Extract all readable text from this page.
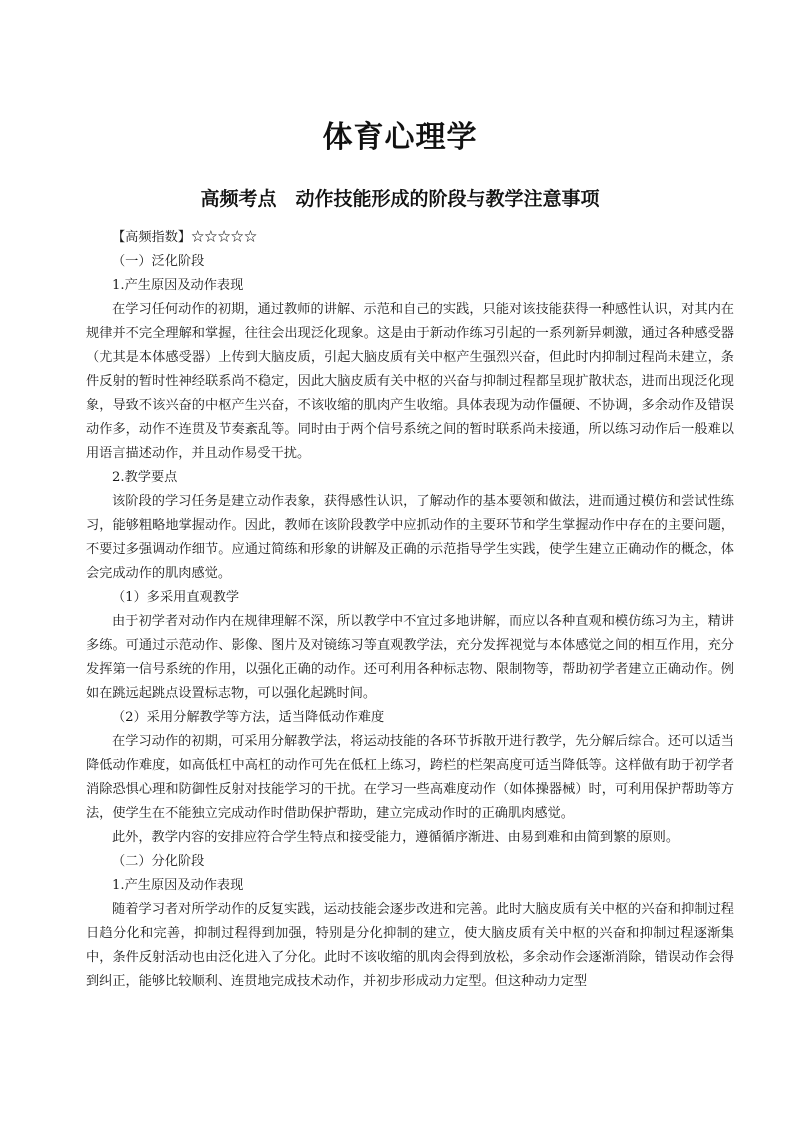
体育心理学
高频考点　动作技能形成的阶段与教学注意事项

【高频指数】☆☆☆☆☆

（一）泛化阶段

1.产生原因及动作表现

在学习任何动作的初期，通过教师的讲解、示范和自己的实践，只能对该技能获得一种感性认识，对其内在规律并不完全理解和掌握，往往会出现泛化现象。这是由于新动作练习引起的一系列新异刺激，通过各种感受器（尤其是本体感受器）上传到大脑皮质，引起大脑皮质有关中枢产生强烈兴奋，但此时内抑制过程尚未建立，条件反射的暂时性神经联系尚不稳定，因此大脑皮质有关中枢的兴奋与抑制过程都呈现扩散状态，进而出现泛化现象，导致不该兴奋的中枢产生兴奋，不该收缩的肌肉产生收缩。具体表现为动作僵硬、不协调，多余动作及错误动作多，动作不连贯及节奏紊乱等。同时由于两个信号系统之间的暂时联系尚未接通，所以练习动作后一般难以用语言描述动作，并且动作易受干扰。

2.教学要点

该阶段的学习任务是建立动作表象，获得感性认识，了解动作的基本要领和做法，进而通过模仿和尝试性练习，能够粗略地掌握动作。因此，教师在该阶段教学中应抓动作的主要环节和学生掌握动作中存在的主要问题，不要过多强调动作细节。应通过简练和形象的讲解及正确的示范指导学生实践，使学生建立正确动作的概念，体会完成动作的肌肉感觉。

（1）多采用直观教学

由于初学者对动作内在规律理解不深，所以教学中不宜过多地讲解，而应以各种直观和模仿练习为主，精讲多练。可通过示范动作、影像、图片及对镜练习等直观教学法，充分发挥视觉与本体感觉之间的相互作用，充分发挥第一信号系统的作用，以强化正确的动作。还可利用各种标志物、限制物等，帮助初学者建立正确动作。例如在跳远起跳点设置标志物，可以强化起跳时间。

（2）采用分解教学等方法，适当降低动作难度

在学习动作的初期，可采用分解教学法，将运动技能的各环节拆散开进行教学，先分解后综合。还可以适当降低动作难度，如高低杠中高杠的动作可先在低杠上练习，跨栏的栏架高度可适当降低等。这样做有助于初学者消除恐惧心理和防御性反射对技能学习的干扰。在学习一些高难度动作（如体操器械）时，可利用保护帮助等方法，使学生在不能独立完成动作时借助保护帮助，建立完成动作时的正确肌肉感觉。

此外，教学内容的安排应符合学生特点和接受能力，遵循循序渐进、由易到难和由简到繁的原则。

（二）分化阶段

1.产生原因及动作表现

随着学习者对所学动作的反复实践，运动技能会逐步改进和完善。此时大脑皮质有关中枢的兴奋和抑制过程日趋分化和完善，抑制过程得到加强，特别是分化抑制的建立，使大脑皮质有关中枢的兴奋和抑制过程逐渐集中，条件反射活动也由泛化进入了分化。此时不该收缩的肌肉会得到放松，多余动作会逐渐消除，错误动作会得到纠正，能够比较顺利、连贯地完成技术动作，并初步形成动力定型。但这种动力定型
